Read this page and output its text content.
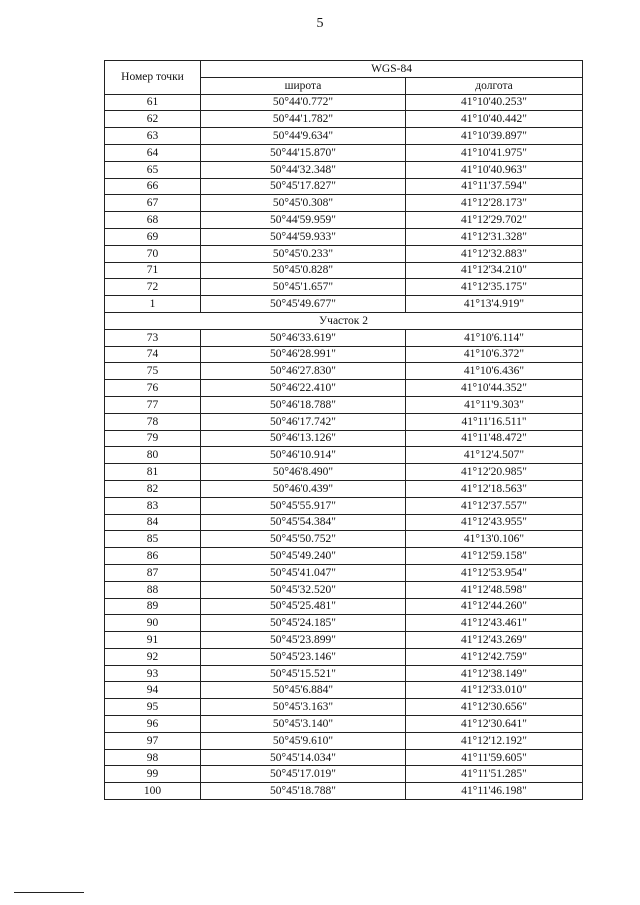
5
Номер точки	WGS-84	
	широта	долгота
61	50°44'0.772"	41°10'40.253"
62	50°44'1.782"	41°10'40.442"
63	50°44'9.634"	41°10'39.897"
64	50°44'15.870"	41°10'41.975"
65	50°44'32.348"	41°10'40.963"
66	50°45'17.827"	41°11'37.594"
67	50°45'0.308"	41°12'28.173"
68	50°44'59.959"	41°12'29.702"
69	50°44'59.933"	41°12'31.328"
70	50°45'0.233"	41°12'32.883"
71	50°45'0.828"	41°12'34.210"
72	50°45'1.657"	41°12'35.175"
1	50°45'49.677"	41°13'4.919"
Участок 2		
73	50°46'33.619"	41°10'6.114"
74	50°46'28.991"	41°10'6.372"
75	50°46'27.830"	41°10'6.436"
76	50°46'22.410"	41°10'44.352"
77	50°46'18.788"	41°11'9.303"
78	50°46'17.742"	41°11'16.511"
79	50°46'13.126"	41°11'48.472"
80	50°46'10.914"	41°12'4.507"
81	50°46'8.490"	41°12'20.985"
82	50°46'0.439"	41°12'18.563"
83	50°45'55.917"	41°12'37.557"
84	50°45'54.384"	41°12'43.955"
85	50°45'50.752"	41°13'0.106"
86	50°45'49.240"	41°12'59.158"
87	50°45'41.047"	41°12'53.954"
88	50°45'32.520"	41°12'48.598"
89	50°45'25.481"	41°12'44.260"
90	50°45'24.185"	41°12'43.461"
91	50°45'23.899"	41°12'43.269"
92	50°45'23.146"	41°12'42.759"
93	50°45'15.521"	41°12'38.149"
94	50°45'6.884"	41°12'33.010"
95	50°45'3.163"	41°12'30.656"
96	50°45'3.140"	41°12'30.641"
97	50°45'9.610"	41°12'12.192"
98	50°45'14.034"	41°11'59.605"
99	50°45'17.019"	41°11'51.285"
100	50°45'18.788"	41°11'46.198"
